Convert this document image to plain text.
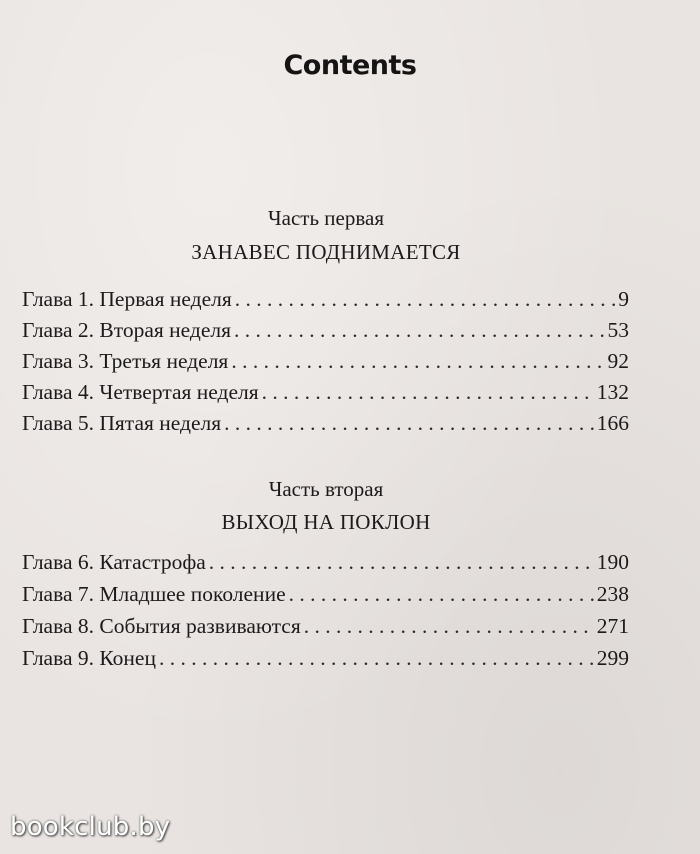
Contents
Часть первая
ЗАНАВЕС ПОДНИМАЕТСЯ
Глава 1. Первая неделя . . .	9
Глава 2. Вторая неделя . . .	53
Глава 3. Третья неделя . . .	92
Глава 4. Четвертая неделя . . .	132
Глава 5. Пятая неделя . . .	166
Часть вторая
ВЫХОД НА ПОКЛОН
Глава 6. Катастрофа . . .	190
Глава 7. Младшее поколение . . .	238
Глава 8. События развиваются . . .	271
Глава 9. Конец . . .	299
bookclub.by
